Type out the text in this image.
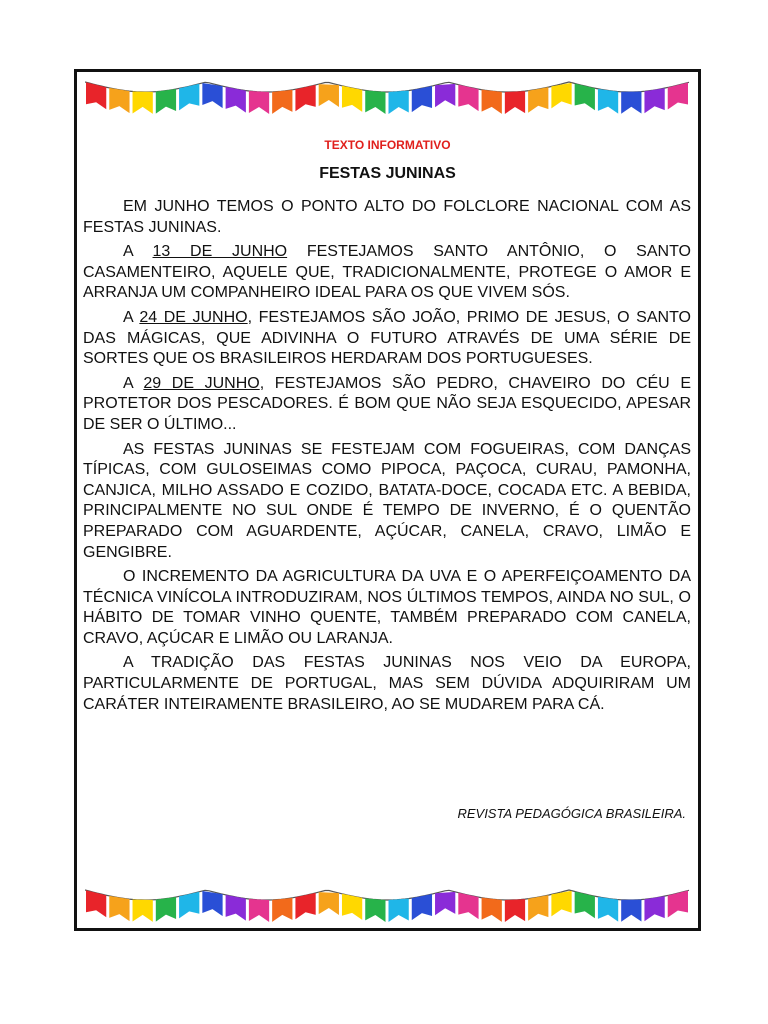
TEXTO INFORMATIVO
FESTAS JUNINAS

EM JUNHO TEMOS O PONTO ALTO DO FOLCLORE NACIONAL COM AS FESTAS JUNINAS.

A 13 DE JUNHO FESTEJAMOS SANTO ANTÔNIO, O SANTO CASAMENTEIRO, AQUELE QUE, TRADICIONALMENTE, PROTEGE O AMOR E ARRANJA UM COMPANHEIRO IDEAL PARA OS QUE VIVEM SÓS.

A 24 DE JUNHO, FESTEJAMOS SÃO JOÃO, PRIMO DE JESUS, O SANTO DAS MÁGICAS, QUE ADIVINHA O FUTURO ATRAVÉS DE UMA SÉRIE DE SORTES QUE OS BRASILEIROS HERDARAM DOS PORTUGUESES.

A 29 DE JUNHO, FESTEJAMOS SÃO PEDRO, CHAVEIRO DO CÉU E PROTETOR DOS PESCADORES. É BOM QUE NÃO SEJA ESQUECIDO, APESAR DE SER O ÚLTIMO...

AS FESTAS JUNINAS SE FESTEJAM COM FOGUEIRAS, COM DANÇAS TÍPICAS, COM GULOSEIMAS COMO PIPOCA, PAÇOCA, CURAU, PAMONHA, CANJICA, MILHO ASSADO E COZIDO, BATATA-DOCE, COCADA ETC. A BEBIDA, PRINCIPALMENTE NO SUL ONDE É TEMPO DE INVERNO, É O QUENTÃO PREPARADO COM AGUARDENTE, AÇÚCAR, CANELA, CRAVO, LIMÃO E GENGIBRE.

O INCREMENTO DA AGRICULTURA DA UVA E O APERFEIÇOAMENTO DA TÉCNICA VINÍCOLA INTRODUZIRAM, NOS ÚLTIMOS TEMPOS, AINDA NO SUL, O HÁBITO DE TOMAR VINHO QUENTE, TAMBÉM PREPARADO COM CANELA, CRAVO, AÇÚCAR E LIMÃO OU LARANJA.

A TRADIÇÃO DAS FESTAS JUNINAS NOS VEIO DA EUROPA, PARTICULARMENTE DE PORTUGAL, MAS SEM DÚVIDA ADQUIRIRAM UM CARÁTER INTEIRAMENTE BRASILEIRO, AO SE MUDAREM PARA CÁ.

REVISTA PEDAGÓGICA BRASILEIRA.
